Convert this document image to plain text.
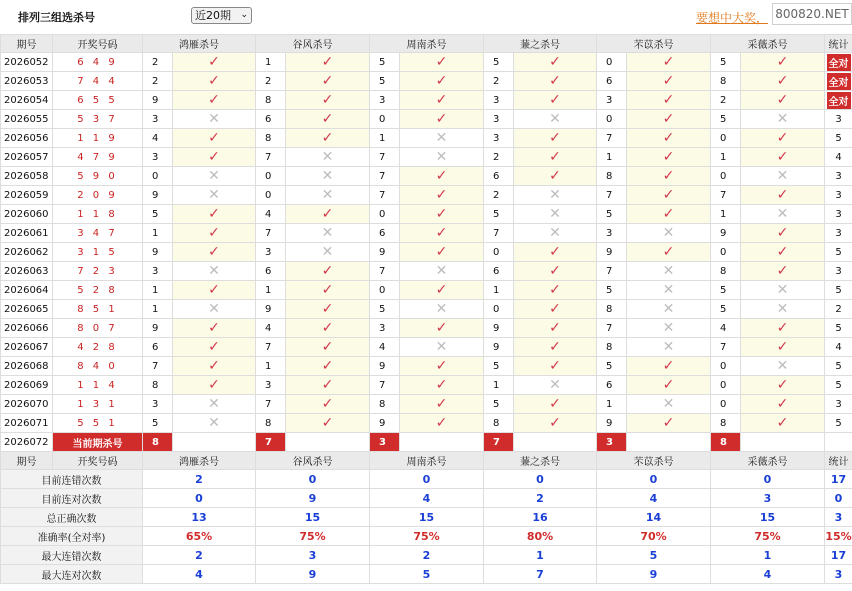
排列三组选杀号	近20期 ⌄	要想中大奖， 800820.NET
期号	开奖号码	鸿雁杀号		谷风杀号		周南杀号		蒹之杀号		芣苡杀号		采薇杀号		统计
2026052	6 4 9	2	✓	1	✓	5	✓	5	✓	0	✓	5	✓	全对
2026053	7 4 4	2	✓	2	✓	5	✓	2	✓	6	✓	8	✓	全对
2026054	6 5 5	9	✓	8	✓	3	✓	3	✓	3	✓	2	✓	全对
2026055	5 3 7	3	✕	6	✓	0	✓	3	✕	0	✓	5	✕	3
2026056	1 1 9	4	✓	8	✓	1	✕	3	✓	7	✓	0	✓	5
2026057	4 7 9	3	✓	7	✕	7	✕	2	✓	1	✓	1	✓	4
2026058	5 9 0	0	✕	0	✕	7	✓	6	✓	8	✓	0	✕	3
2026059	2 0 9	9	✕	0	✕	7	✓	2	✕	7	✓	7	✓	3
2026060	1 1 8	5	✓	4	✓	0	✓	5	✕	5	✓	1	✕	3
2026061	3 4 7	1	✓	7	✕	6	✓	7	✕	3	✕	9	✓	3
2026062	3 1 5	9	✓	3	✕	9	✓	0	✓	9	✓	0	✓	5
2026063	7 2 3	3	✕	6	✓	7	✕	6	✓	7	✕	8	✓	3
2026064	5 2 8	1	✓	1	✓	0	✓	1	✓	5	✕	5	✕	5
2026065	8 5 1	1	✕	9	✓	5	✕	0	✓	8	✕	5	✕	2
2026066	8 0 7	9	✓	4	✓	3	✓	9	✓	7	✕	4	✓	5
2026067	4 2 8	6	✓	7	✓	4	✕	9	✓	8	✕	7	✓	4
2026068	8 4 0	7	✓	1	✓	9	✓	5	✓	5	✓	0	✕	5
2026069	1 1 4	8	✓	3	✓	7	✓	1	✕	6	✓	0	✓	5
2026070	1 3 1	3	✕	7	✓	8	✓	5	✓	1	✕	0	✓	3
2026071	5 5 1	5	✕	8	✓	9	✓	8	✓	9	✓	8	✓	5
2026072	当前期杀号	8		7		3		7		3		8		
期号	开奖号码	鸿雁杀号		谷风杀号		周南杀号		蒹之杀号		芣苡杀号		采薇杀号		统计
目前连错次数		2		0		0		0		0		0		17
目前连对次数		0		9		4		2		4		3		0
总正确次数		13		15		15		16		14		15		3
准确率(全对率)		65%		75%		75%		80%		70%		75%		15%
最大连错次数		2		3		2		1		5		1		17
最大连对次数		4		9		5		7		9		4		3
